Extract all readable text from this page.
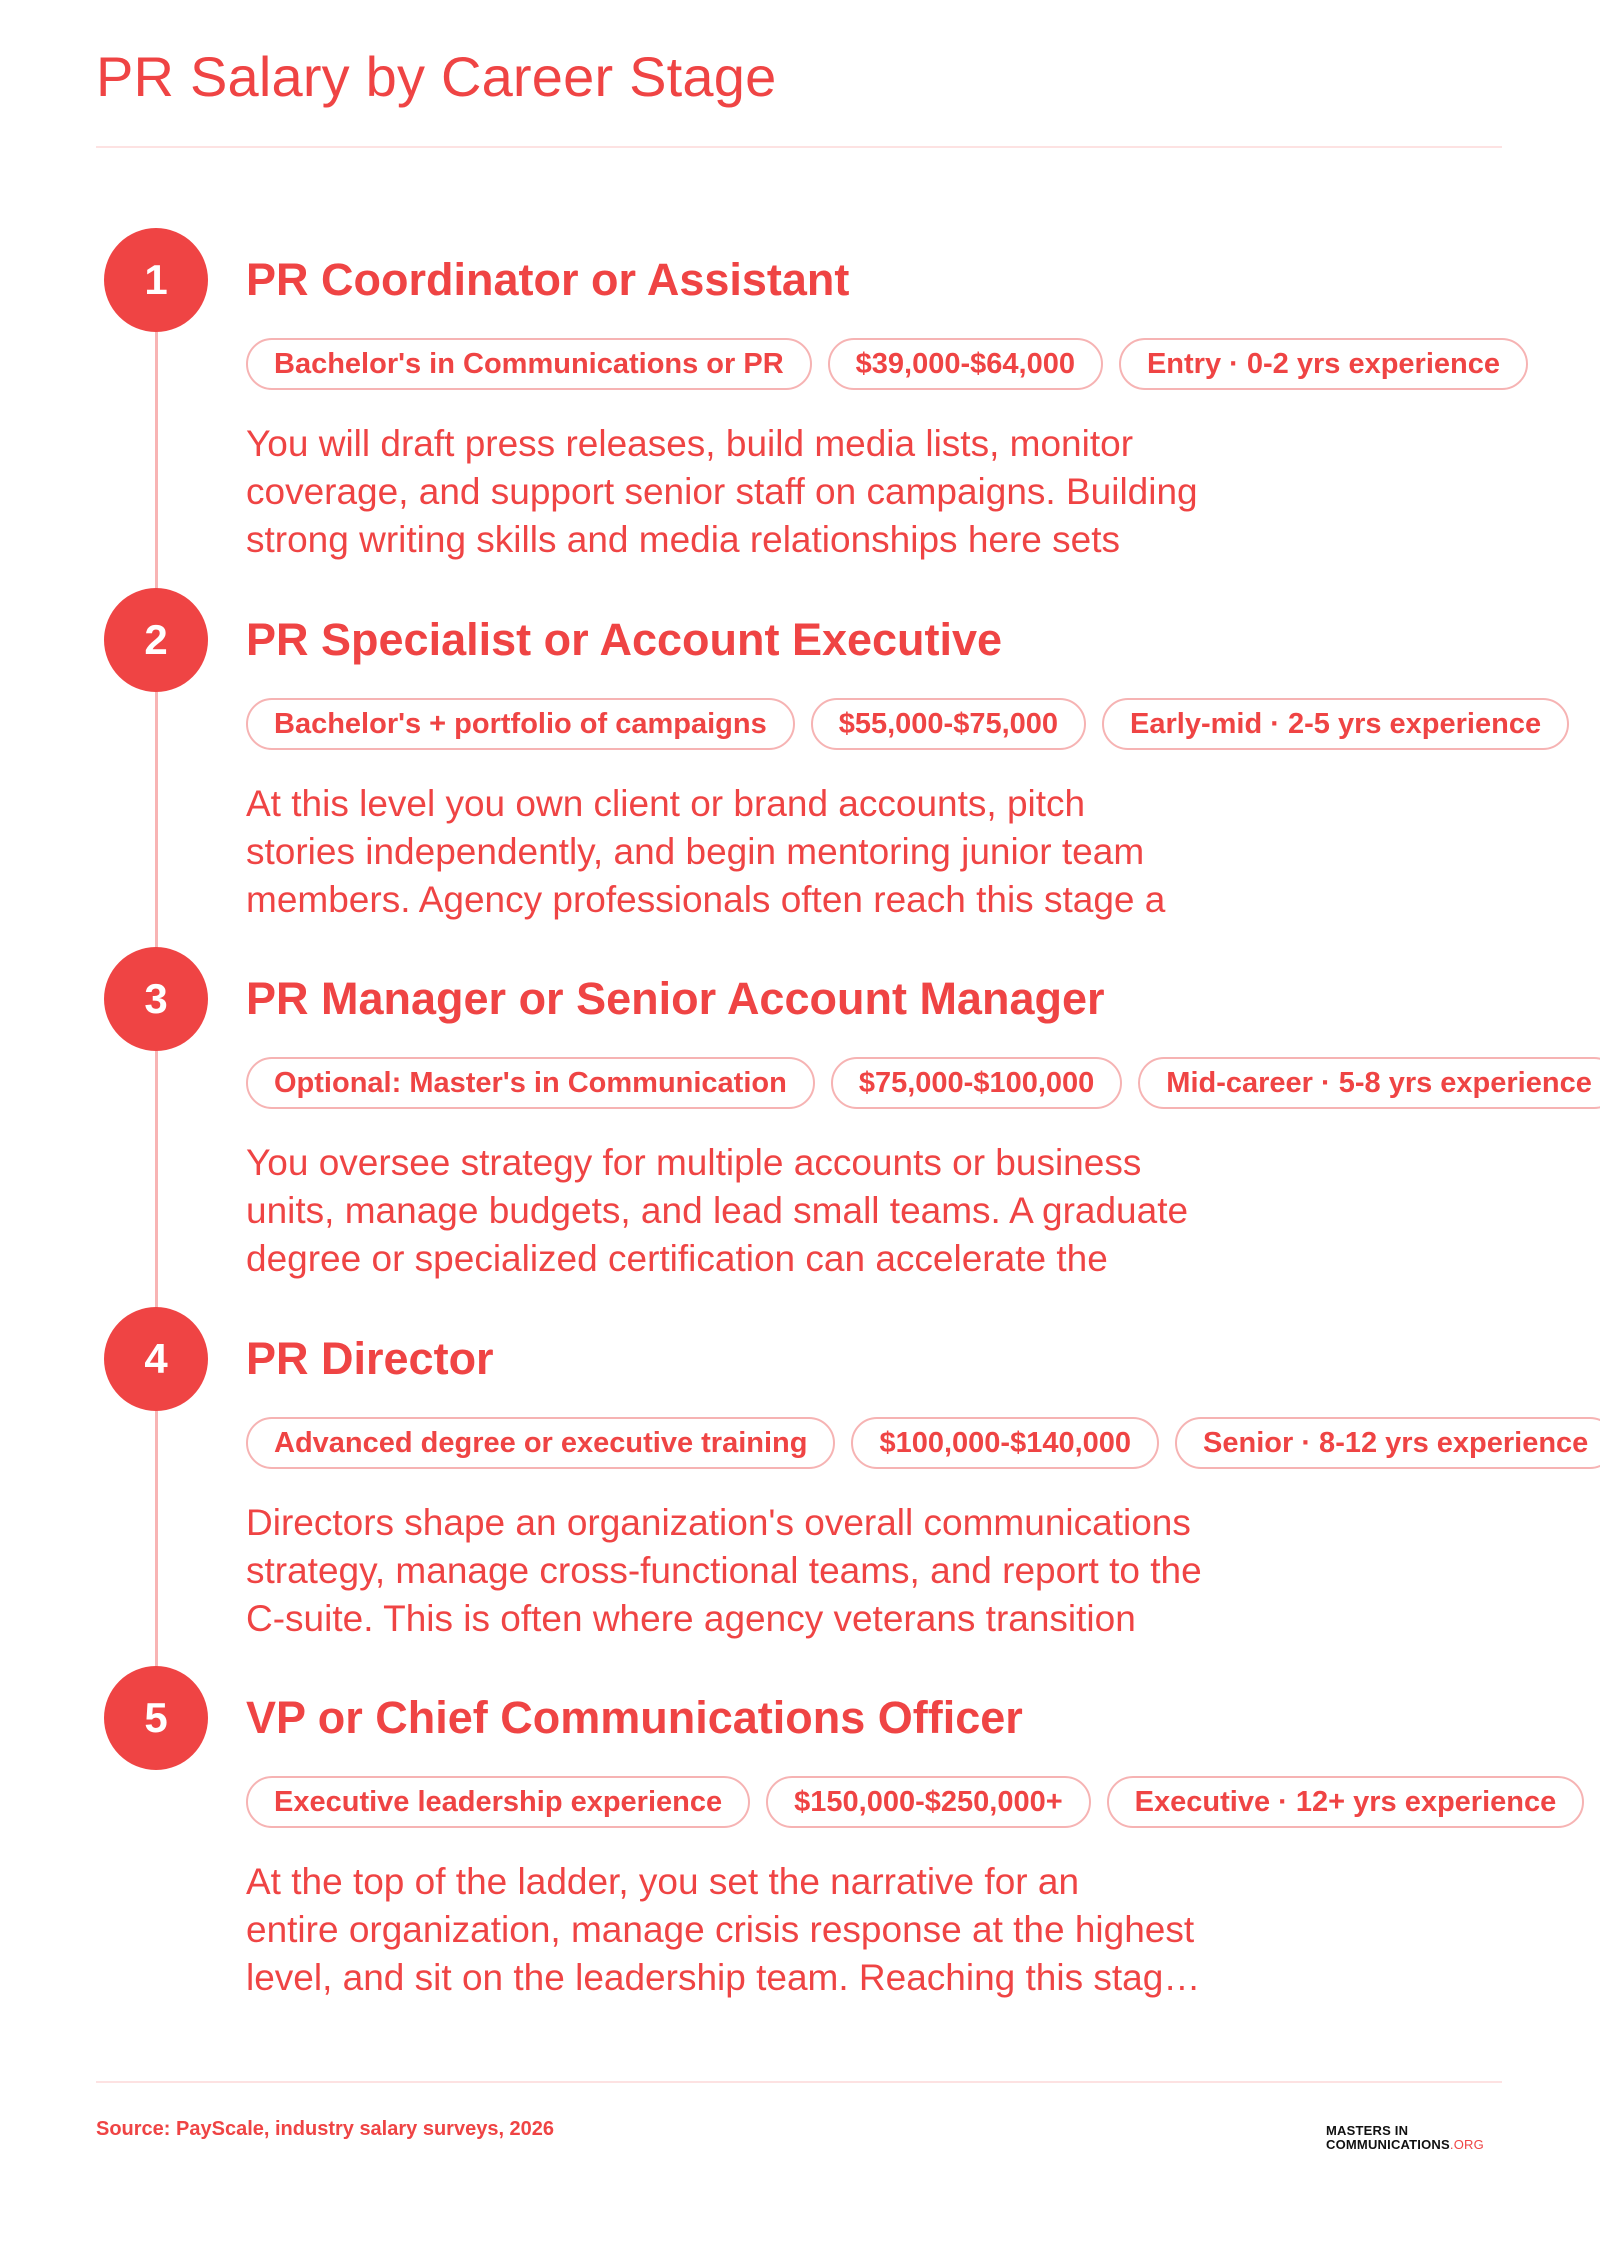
PR Salary by Career Stage
1	PR Coordinator or Assistant
Bachelor's in Communications or PR	$39,000-$64,000	Entry · 0-2 yrs experience

You will draft press releases, build media lists, monitor
coverage, and support senior staff on campaigns. Building
strong writing skills and media relationships here sets

2	PR Specialist or Account Executive
Bachelor's + portfolio of campaigns	$55,000-$75,000	Early-mid · 2-5 yrs experience

At this level you own client or brand accounts, pitch
stories independently, and begin mentoring junior team
members. Agency professionals often reach this stage a

3	PR Manager or Senior Account Manager
Optional: Master's in Communication	$75,000-$100,000	Mid-career · 5-8 yrs experience

You oversee strategy for multiple accounts or business
units, manage budgets, and lead small teams. A graduate
degree or specialized certification can accelerate the

4	PR Director
Advanced degree or executive training	$100,000-$140,000	Senior · 8-12 yrs experience

Directors shape an organization's overall communications
strategy, manage cross-functional teams, and report to the
C-suite. This is often where agency veterans transition

5	VP or Chief Communications Officer
Executive leadership experience	$150,000-$250,000+	Executive · 12+ yrs experience

At the top of the ladder, you set the narrative for an
entire organization, manage crisis response at the highest
level, and sit on the leadership team. Reaching this stag…

Source: PayScale, industry salary surveys, 2026	MASTERS IN
COMMUNICATIONS.ORG
